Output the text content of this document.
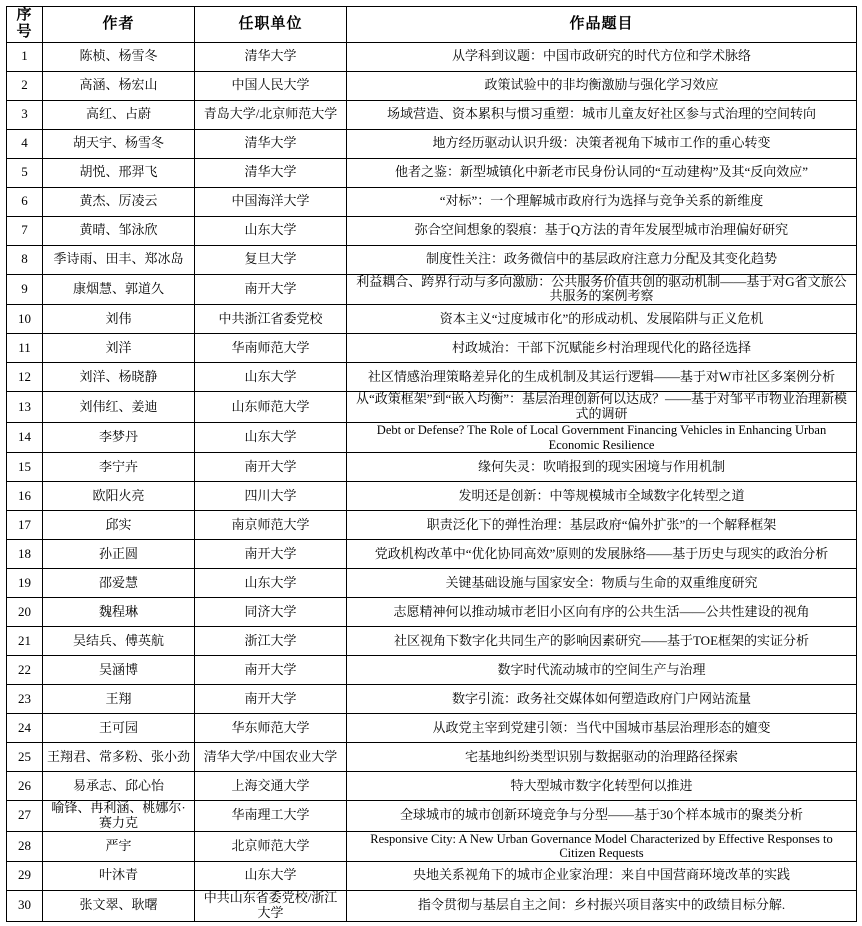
序号	作者	任职单位	作品题目
1	陈桢、杨雪冬	清华大学	从学科到议题：中国市政研究的时代方位和学术脉络
2	高涵、杨宏山	中国人民大学	政策试验中的非均衡激励与强化学习效应
3	高红、占蔚	青岛大学/北京师范大学	场域营造、资本累积与惯习重塑：城市儿童友好社区参与式治理的空间转向
4	胡天宇、杨雪冬	清华大学	地方经历驱动认识升级：决策者视角下城市工作的重心转变
5	胡悦、邢羿飞	清华大学	他者之鉴：新型城镇化中新老市民身份认同的“互动建构”及其“反向效应”
6	黄杰、厉凌云	中国海洋大学	“对标”：一个理解城市政府行为选择与竞争关系的新维度
7	黄晴、邹泳欣	山东大学	弥合空间想象的裂痕：基于Q方法的青年发展型城市治理偏好研究
8	季诗雨、田丰、郑冰岛	复旦大学	制度性关注：政务微信中的基层政府注意力分配及其变化趋势
9	康烟慧、郭道久	南开大学	利益耦合、跨界行动与多向激励：公共服务价值共创的驱动机制——基于对G省文旅公共服务的案例考察
10	刘伟	中共浙江省委党校	资本主义“过度城市化”的形成动机、发展陷阱与正义危机
11	刘洋	华南师范大学	村政城治：干部下沉赋能乡村治理现代化的路径选择
12	刘洋、杨晓静	山东大学	社区情感治理策略差异化的生成机制及其运行逻辑——基于对W市社区多案例分析
13	刘伟红、姜迪	山东师范大学	从“政策框架”到“嵌入均衡”：基层治理创新何以达成？——基于对邹平市物业治理新模式的调研
14	李梦丹	山东大学	Debt or Defense? The Role of Local Government Financing Vehicles in Enhancing Urban Economic Resilience
15	李宁卉	南开大学	缘何失灵：吹哨报到的现实困境与作用机制
16	欧阳火亮	四川大学	发明还是创新：中等规模城市全域数字化转型之道
17	邱实	南京师范大学	职责泛化下的弹性治理：基层政府“偏外扩张”的一个解释框架
18	孙正圆	南开大学	党政机构改革中“优化协同高效”原则的发展脉络——基于历史与现实的政治分析
19	邵爱慧	山东大学	关键基础设施与国家安全：物质与生命的双重维度研究
20	魏程琳	同济大学	志愿精神何以推动城市老旧小区向有序的公共生活——公共性建设的视角
21	吴结兵、傅英航	浙江大学	社区视角下数字化共同生产的影响因素研究——基于TOE框架的实证分析
22	吴涵博	南开大学	数字时代流动城市的空间生产与治理
23	王翔	南开大学	数字引流：政务社交媒体如何塑造政府门户网站流量
24	王可园	华东师范大学	从政党主宰到党建引领：当代中国城市基层治理形态的嬗变
25	王翔君、常多粉、张小劲	清华大学/中国农业大学	宅基地纠纷类型识别与数据驱动的治理路径探索
26	易承志、邱心怡	上海交通大学	特大型城市数字化转型何以推进
27	喻锋、冉利涵、桃娜尔·赛力克	华南理工大学	全球城市的城市创新环境竞争与分型——基于30个样本城市的聚类分析
28	严宇	北京师范大学	Responsive City: A New Urban Governance Model Characterized by Effective Responses to Citizen Requests
29	叶沐青	山东大学	央地关系视角下的城市企业家治理：来自中国营商环境改革的实践
30	张文翠、耿曙	中共山东省委党校/浙江大学	指令贯彻与基层自主之间：乡村振兴项目落实中的政绩目标分解.
